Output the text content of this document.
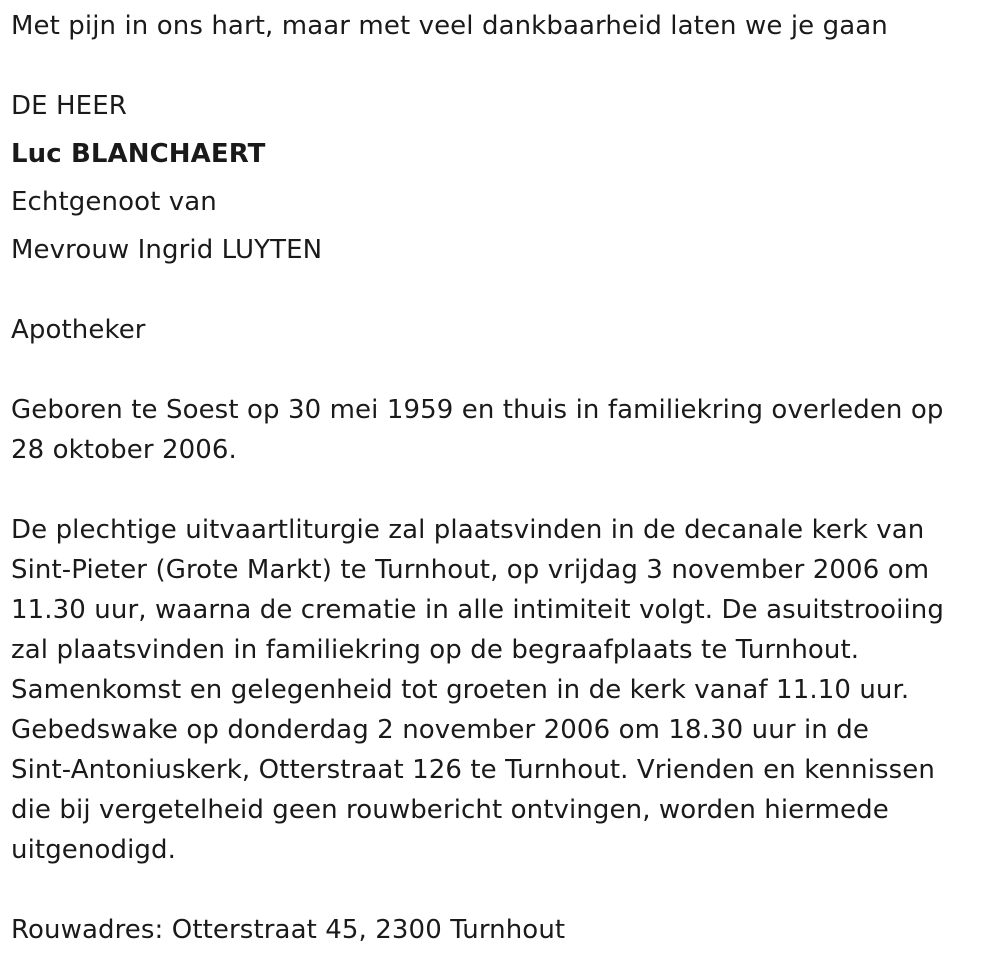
Met pijn in ons hart, maar met veel dankbaarheid laten we je gaan
DE HEER
Luc BLANCHAERT
Echtgenoot van
Mevrouw Ingrid LUYTEN
Apotheker
Geboren te Soest op 30 mei 1959 en thuis in familiekring overleden op
28 oktober 2006.
De plechtige uitvaartliturgie zal plaatsvinden in de decanale kerk van
Sint-Pieter (Grote Markt) te Turnhout, op vrijdag 3 november 2006 om
11.30 uur, waarna de crematie in alle intimiteit volgt. De asuitstrooiing
zal plaatsvinden in familiekring op de begraafplaats te Turnhout.
Samenkomst en gelegenheid tot groeten in de kerk vanaf 11.10 uur.
Gebedswake op donderdag 2 november 2006 om 18.30 uur in de
Sint-Antoniuskerk, Otterstraat 126 te Turnhout. Vrienden en kennissen
die bij vergetelheid geen rouwbericht ontvingen, worden hiermede
uitgenodigd.
Rouwadres: Otterstraat 45, 2300 Turnhout
